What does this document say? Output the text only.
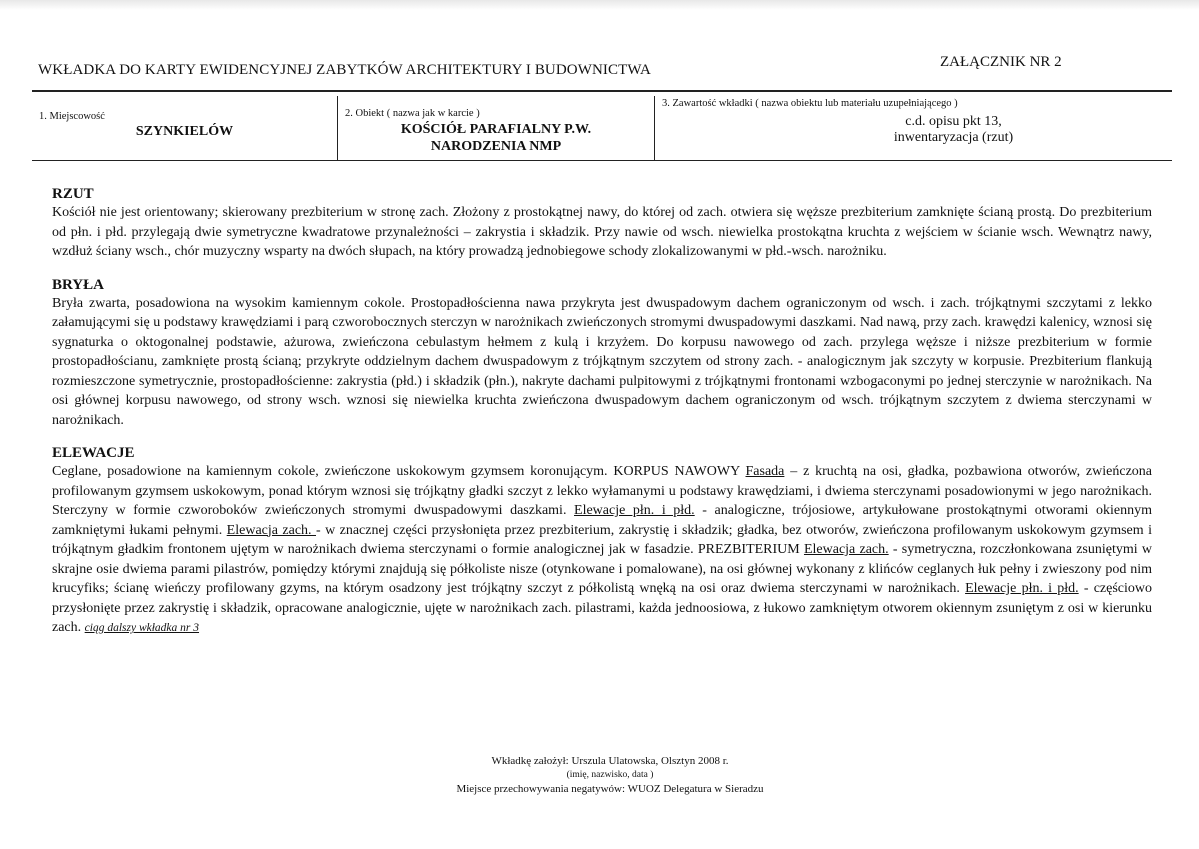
WKŁADKA DO KARTY EWIDENCYJNEJ ZABYTKÓW ARCHITEKTURY I BUDOWNICTWA	ZAŁĄCZNIK NR 2
1. Miejscowość
SZYNKIELÓW
2. Obiekt ( nazwa jak w karcie )
KOŚCIÓŁ PARAFIALNY P.W.
NARODZENIA NMP
3. Zawartość wkładki ( nazwa obiektu lub materiału uzupełniającego )
c.d. opisu pkt 13,
inwentaryzacja (rzut)
RZUT
Kościół nie jest orientowany; skierowany prezbiterium w stronę zach. Złożony z prostokątnej nawy, do której od zach. otwiera się węższe prezbiterium zamknięte ścianą prostą. Do prezbiterium od płn. i płd. przylegają dwie symetryczne kwadratowe przynależności – zakrystia i składzik. Przy nawie od wsch. niewielka prostokątna kruchta z wejściem w ścianie wsch. Wewnątrz nawy, wzdłuż ściany wsch., chór muzyczny wsparty na dwóch słupach, na który prowadzą jednobiegowe schody zlokalizowanymi w płd.-wsch. narożniku.
BRYŁA
Bryła zwarta, posadowiona na wysokim kamiennym cokole. Prostopadłościenna nawa przykryta jest dwuspadowym dachem ograniczonym od wsch. i zach. trójkątnymi szczytami z lekko załamującymi się u podstawy krawędziami i parą czworobocznych sterczyn w narożnikach zwieńczonych stromymi dwuspadowymi daszkami. Nad nawą, przy zach. krawędzi kalenicy, wznosi się sygnaturka o oktogonalnej podstawie, ażurowa, zwieńczona cebulastym hełmem z kulą i krzyżem. Do korpusu nawowego od zach. przylega węższe i niższe prezbiterium w formie prostopadłościanu, zamknięte prostą ścianą; przykryte oddzielnym dachem dwuspadowym z trójkątnym szczytem od strony zach. - analogicznym jak szczyty w korpusie. Prezbiterium flankują rozmieszczone symetrycznie, prostopadłościenne: zakrystia (płd.) i składzik (płn.), nakryte dachami pulpitowymi z trójkątnymi frontonami wzbogaconymi po jednej sterczynie w narożnikach. Na osi głównej korpusu nawowego, od strony wsch. wznosi się niewielka kruchta zwieńczona dwuspadowym dachem ograniczonym od wsch. trójkątnym szczytem z dwiema sterczynami w narożnikach.
ELEWACJE
Ceglane, posadowione na kamiennym cokole, zwieńczone uskokowym gzymsem koronującym. KORPUS NAWOWY Fasada – z kruchtą na osi, gładka, pozbawiona otworów, zwieńczona profilowanym gzymsem uskokowym, ponad którym wznosi się trójkątny gładki szczyt z lekko wyłamanymi u podstawy krawędziami, i dwiema sterczynami posadowionymi w jego narożnikach. Sterczyny w formie czworoboków zwieńczonych stromymi dwuspadowymi daszkami. Elewacje płn. i płd. - analogiczne, trójosiowe, artykułowane prostokątnymi otworami okiennym zamkniętymi łukami pełnymi. Elewacja zach. - w znacznej części przysłonięta przez prezbiterium, zakrystię i składzik; gładka, bez otworów, zwieńczona profilowanym uskokowym gzymsem i trójkątnym gładkim frontonem ujętym w narożnikach dwiema sterczynami o formie analogicznej jak w fasadzie. PREZBITERIUM Elewacja zach. - symetryczna, rozczłonkowana zsuniętymi w skrajne osie dwiema parami pilastrów, pomiędzy którymi znajdują się półkoliste nisze (otynkowane i pomalowane), na osi głównej wykonany z klińców ceglanych łuk pełny i zwieszony pod nim krucyfiks; ścianę wieńczy profilowany gzyms, na którym osadzony jest trójkątny szczyt z półkolistą wnęką na osi oraz dwiema sterczynami w narożnikach. Elewacje płn. i płd. - częściowo przysłonięte przez zakrystię i składzik, opracowane analogicznie, ujęte w narożnikach zach. pilastrami, każda jednoosiowa, z łukowo zamkniętym otworem okiennym zsuniętym z osi w kierunku zach. ciąg dalszy wkładka nr 3
Wkładkę założył: Urszula Ulatowska, Olsztyn 2008 r.
(imię, nazwisko, data )
Miejsce przechowywania negatywów: WUOZ Delegatura w Sieradzu
